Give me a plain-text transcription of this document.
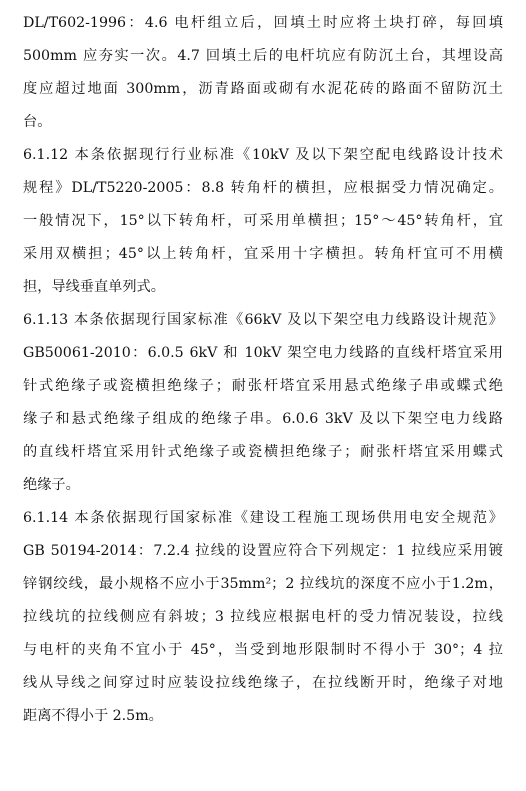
DL/T602-1996：4.6 电杆组立后，回填土时应将土块打碎，每回填
500mm 应夯实一次。4.7 回填土后的电杆坑应有防沉土台，其埋设高
度应超过地面 300mm，沥青路面或砌有水泥花砖的路面不留防沉土
台。
6.1.12 本条依据现行行业标准《10kV 及以下架空配电线路设计技术
规程》DL/T5220-2005：8.8 转角杆的横担，应根据受力情况确定。
一般情况下，15°以下转角杆，可采用单横担；15°～45°转角杆，宜
采用双横担；45°以上转角杆，宜采用十字横担。转角杆宜可不用横
担，导线垂直单列式。
6.1.13 本条依据现行国家标准《66kV 及以下架空电力线路设计规范》
GB50061-2010：6.0.5 6kV 和 10kV 架空电力线路的直线杆塔宜采用
针式绝缘子或瓷横担绝缘子；耐张杆塔宜采用悬式绝缘子串或蝶式绝
缘子和悬式绝缘子组成的绝缘子串。6.0.6 3kV 及以下架空电力线路
的直线杆塔宜采用针式绝缘子或瓷横担绝缘子；耐张杆塔宜采用蝶式
绝缘子。
6.1.14 本条依据现行国家标准《建设工程施工现场供用电安全规范》
GB 50194-2014：7.2.4 拉线的设置应符合下列规定：1 拉线应采用镀
锌钢绞线，最小规格不应小于35mm²；2 拉线坑的深度不应小于1.2m，
拉线坑的拉线侧应有斜坡；3 拉线应根据电杆的受力情况装设，拉线
与电杆的夹角不宜小于 45°，当受到地形限制时不得小于 30°；4 拉
线从导线之间穿过时应装设拉线绝缘子，在拉线断开时，绝缘子对地
距离不得小于 2.5m。
